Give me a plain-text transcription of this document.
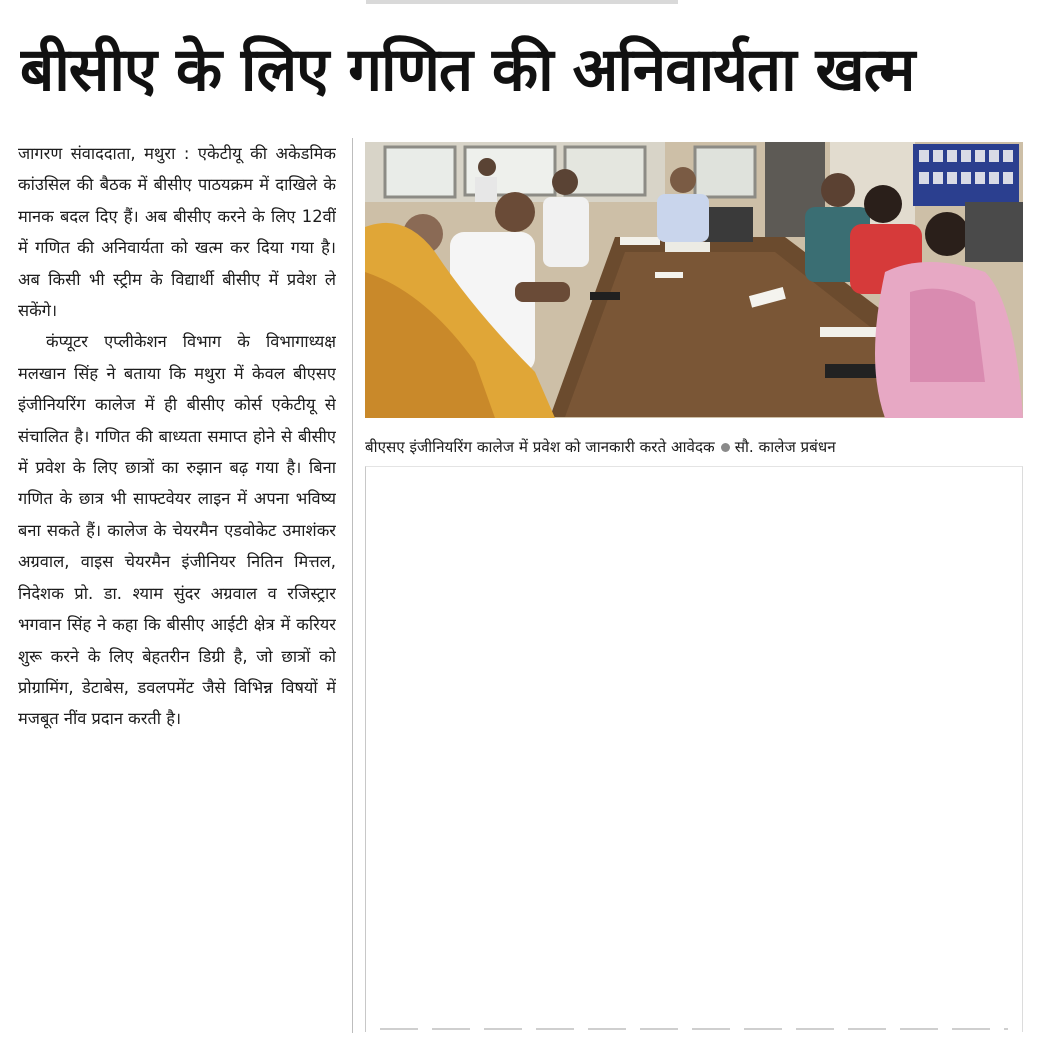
बीसीए के लिए गणित की अनिवार्यता खत्म

जागरण संवाददाता, मथुरा : एकेटीयू की अकेडमिक कांउसिल की बैठक में बीसीए पाठयक्रम में दाखिले के मानक बदल दिए हैं। अब बीसीए करने के लिए 12वीं में गणित की अनिवार्यता को खत्म कर दिया गया है। अब किसी भी स्ट्रीम के विद्यार्थी बीसीए में प्रवेश ले सकेंगे।

कंप्यूटर एप्लीकेशन विभाग के विभागाध्यक्ष मलखान सिंह ने बताया कि मथुरा में केवल बीएसए इंजीनियरिंग कालेज में ही बीसीए कोर्स एकेटीयू से संचालित है। गणित की बाध्यता समाप्त होने से बीसीए में प्रवेश के लिए छात्रों का रुझान बढ़ गया है। बिना गणित के छात्र भी साफ्टवेयर लाइन में अपना भविष्य बना सकते हैं। कालेज के चेयरमैन एडवोकेट उमाशंकर अग्रवाल, वाइस चेयरमैन इंजीनियर नितिन मित्तल, निदेशक प्रो. डा. श्याम सुंदर अग्रवाल व रजिस्ट्रार भगवान सिंह ने कहा कि बीसीए आईटी क्षेत्र में करियर शुरू करने के लिए बेहतरीन डिग्री है, जो छात्रों को प्रोग्रामिंग, डेटाबेस, डवलपमेंट जैसे विभिन्न विषयों में मजबूत नींव प्रदान करती है।

बीएसए इंजीनियरिंग कालेज में प्रवेश को जानकारी करते आवेदक सौ. कालेज प्रबंधन
